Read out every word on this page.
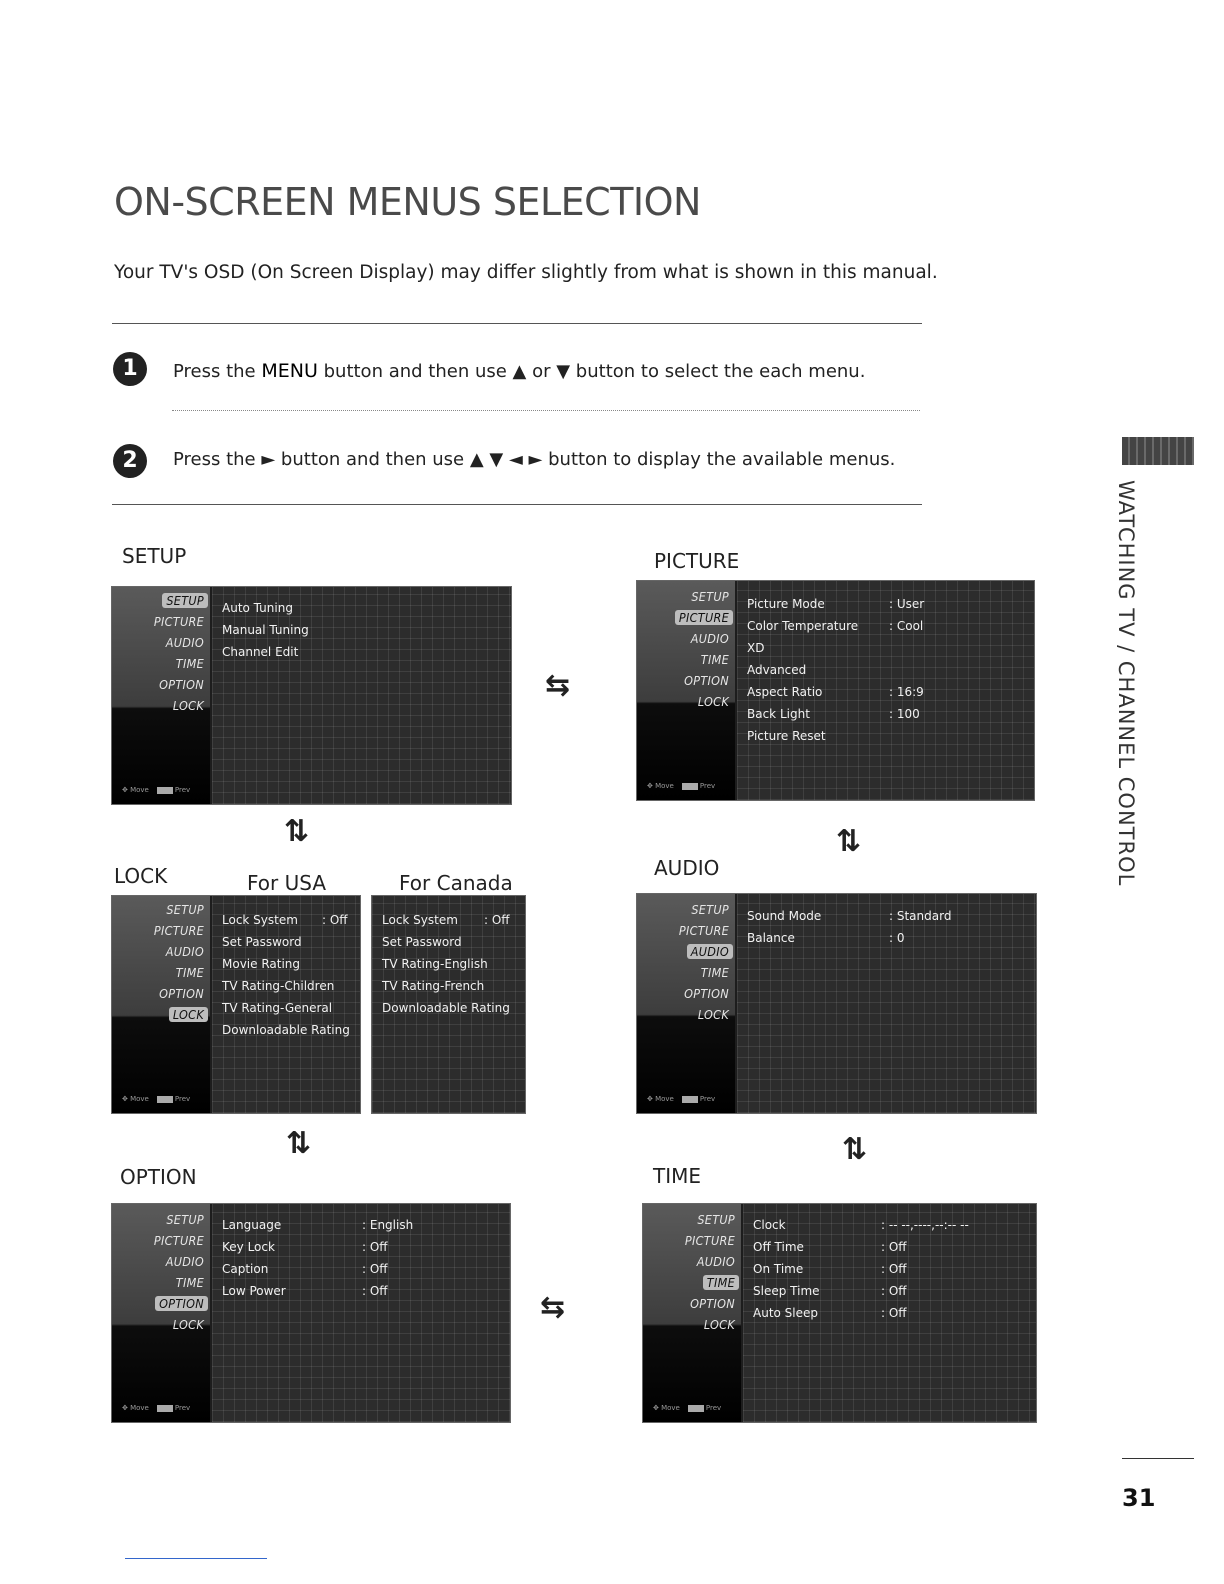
ON-SCREEN MENUS SELECTION
Your TV's OSD (On Screen Display) may differ slightly from what is shown in this manual.
1	Press the MENU button and then use ▲ or ▼ button to select the each menu.
2	Press the ► button and then use ▲ ▼ ◄ ► button to display the available menus.
SETUP	PICTURE
LOCK	For USA	For Canada
AUDIO
OPTION	TIME
⇆
⇆
⇅	⇅
⇅	⇅
SETUP
PICTURE
AUDIO
TIME
OPTION
LOCK
✥ Move	Prev
Auto Tuning
Manual Tuning
Channel Edit
SETUP
PICTURE
AUDIO
TIME
OPTION
LOCK
✥ Move	Prev
Picture Mode	: User
Color Temperature	: Cool
XD
Advanced
Aspect Ratio	: 16:9
Back Light	: 100
Picture Reset
SETUP
PICTURE
AUDIO
TIME
OPTION
LOCK
✥ Move	Prev
Lock System : Off
Set Password
Movie Rating
TV Rating-Children
TV Rating-General
Downloadable Rating
Lock System : Off
Set Password
TV Rating-English
TV Rating-French
Downloadable Rating
SETUP
PICTURE
AUDIO
TIME
OPTION
LOCK
✥ Move	Prev
Sound Mode	: Standard
Balance	: 0
SETUP
PICTURE
AUDIO
TIME
OPTION
LOCK
✥ Move	Prev
Language	: English
Key Lock	: Off
Caption	: Off
Low Power	: Off
SETUP
PICTURE
AUDIO
TIME
OPTION
LOCK
✥ Move	Prev
Clock	: -- --,----,--:-- --
Off Time	: Off
On Time	: Off
Sleep Time	: Off
Auto Sleep	: Off
WATCHING TV / CHANNEL CONTROL
31
